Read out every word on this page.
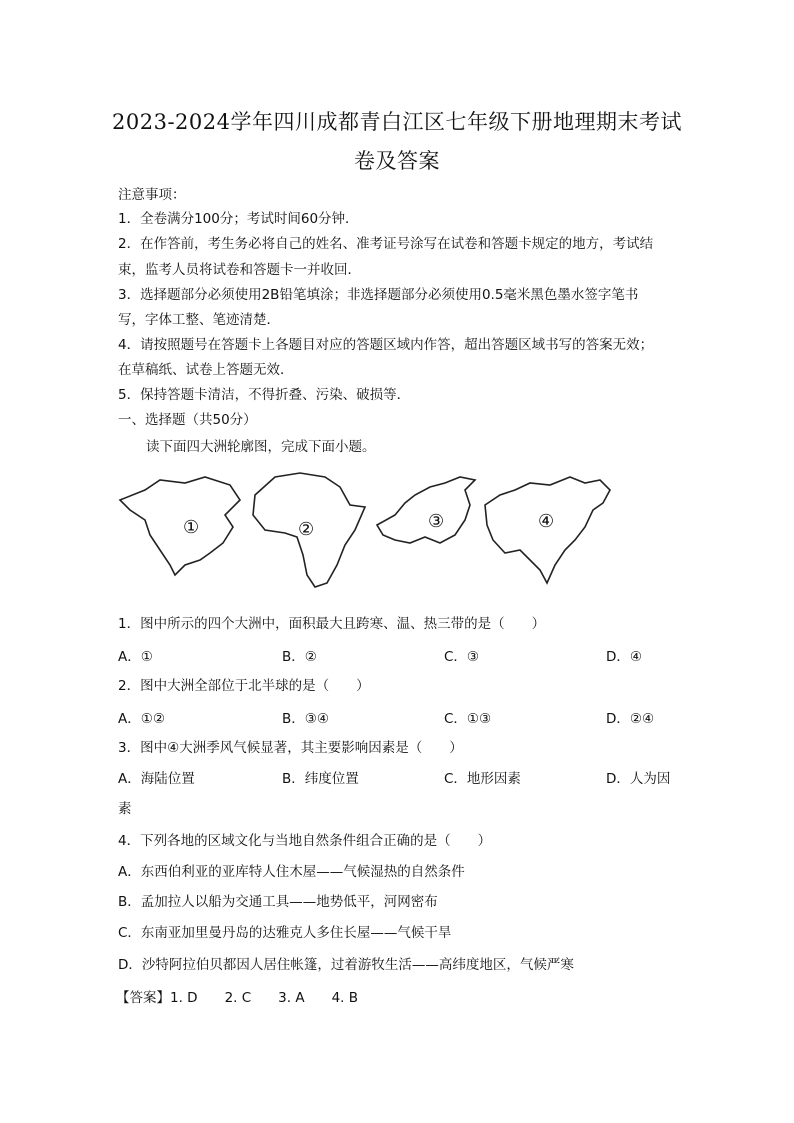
2023-2024学年四川成都青白江区七年级下册地理期末考试
卷及答案
注意事项：
1．全卷满分100分；考试时间60分钟．
2．在作答前，考生务必将自己的姓名、准考证号涂写在试卷和答题卡规定的地方，考试结
束，监考人员将试卷和答题卡一并收回．
3．选择题部分必须使用2B铅笔填涂；非选择题部分必须使用0.5毫米黑色墨水签字笔书
写，字体工整、笔迹清楚．
4．请按照题号在答题卡上各题目对应的答题区域内作答，超出答题区域书写的答案无效；
在草稿纸、试卷上答题无效．
5．保持答题卡清洁，不得折叠、污染、破损等．
一、选择题（共50分）
读下面四大洲轮廓图，完成下面小题。
①	②	③	④
1．图中所示的四个大洲中，面积最大且跨寒、温、热三带的是（　　）
A．①	B．②	C．③	D．④
2．图中大洲全部位于北半球的是（　　）
A．①②	B．③④	C．①③	D．②④
3．图中④大洲季风气候显著，其主要影响因素是（　　）
A．海陆位置	B．纬度位置	C．地形因素	D．人为因
素
4．下列各地的区域文化与当地自然条件组合正确的是（　　）
A．东西伯利亚的亚库特人住木屋——气候湿热的自然条件
B．孟加拉人以船为交通工具——地势低平，河网密布
C．东南亚加里曼丹岛的达雅克人多住长屋——气候干旱
D．沙特阿拉伯贝都因人居住帐篷，过着游牧生活——高纬度地区，气候严寒
【答案】1. D　　2. C　　3. A　　4. B
